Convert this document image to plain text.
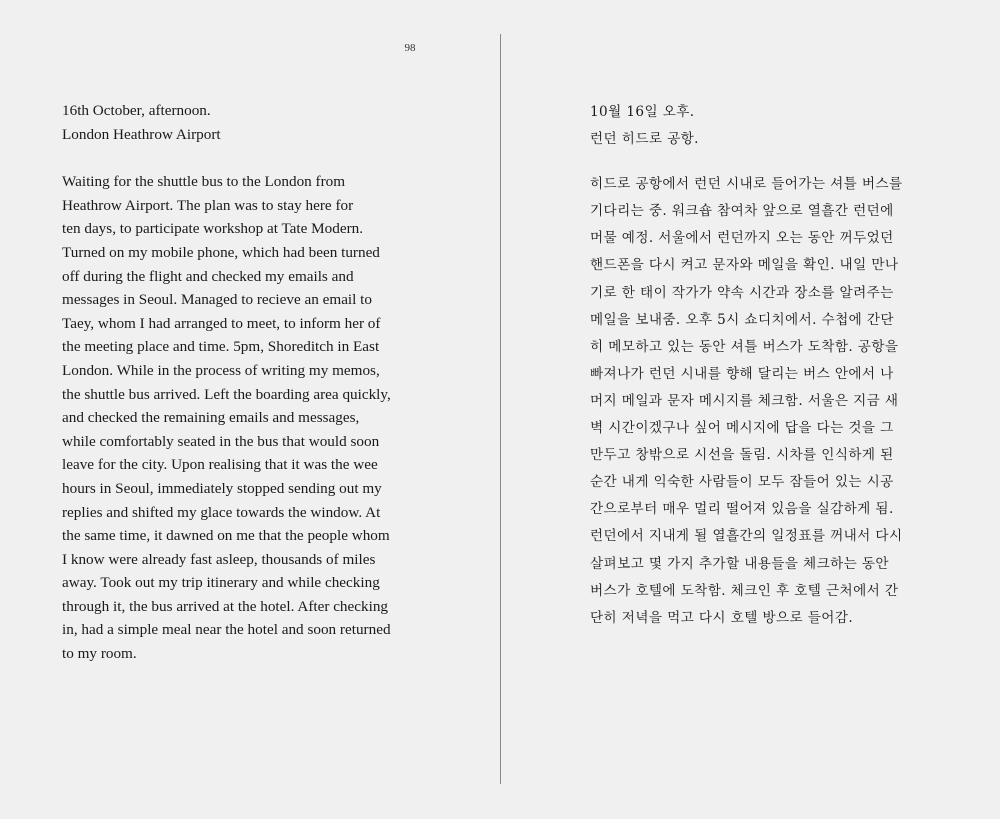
98
16th October, afternoon.
London Heathrow Airport
Waiting for the shuttle bus to the London from
Heathrow Airport. The plan was to stay here for
ten days, to participate workshop at Tate Modern.
Turned on my mobile phone, which had been turned
off during the flight and checked my emails and
messages in Seoul. Managed to recieve an email to
Taey, whom I had arranged to meet, to inform her of
the meeting place and time. 5pm, Shoreditch in East
London. While in the process of writing my memos,
the shuttle bus arrived. Left the boarding area quickly,
and checked the remaining emails and messages,
while comfortably seated in the bus that would soon
leave for the city. Upon realising that it was the wee
hours in Seoul, immediately stopped sending out my
replies and shifted my glace towards the window. At
the same time, it dawned on me that the people whom
I know were already fast asleep, thousands of miles
away. Took out my trip itinerary and while checking
through it, the bus arrived at the hotel. After checking
in, had a simple meal near the hotel and soon returned
to my room.
10월 16일 오후.
런던 히드로 공항.
히드로 공항에서 런던 시내로 들어가는 셔틀 버스를
기다리는 중. 워크숍 참여차 앞으로 열흘간 런던에
머물 예정. 서울에서 런던까지 오는 동안 꺼두었던
핸드폰을 다시 켜고 문자와 메일을 확인. 내일 만나
기로 한 태이 작가가 약속 시간과 장소를 알려주는
메일을 보내줌. 오후 5시 쇼디치에서. 수첩에 간단
히 메모하고 있는 동안 셔틀 버스가 도착함. 공항을
빠져나가 런던 시내를 향해 달리는 버스 안에서 나
머지 메일과 문자 메시지를 체크함. 서울은 지금 새
벽 시간이겠구나 싶어 메시지에 답을 다는 것을 그
만두고 창밖으로 시선을 돌림. 시차를 인식하게 된
순간 내게 익숙한 사람들이 모두 잠들어 있는 시공
간으로부터 매우 멀리 떨어져 있음을 실감하게 됨.
런던에서 지내게 될 열흘간의 일정표를 꺼내서 다시
살펴보고 몇 가지 추가할 내용들을 체크하는 동안
버스가 호텔에 도착함. 체크인 후 호텔 근처에서 간
단히 저녁을 먹고 다시 호텔 방으로 들어감.
